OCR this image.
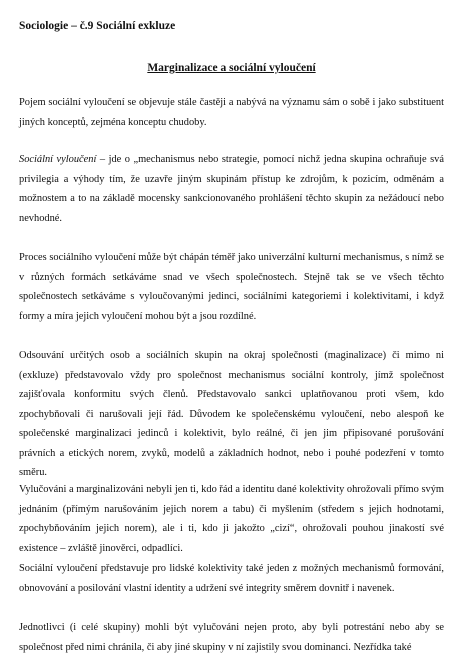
Sociologie – č.9 Sociální exkluze
Marginalizace a sociální vyloučení

Pojem sociální vyloučení se objevuje stále častěji a nabývá na významu sám o sobě i jako substituent jiných konceptů, zejména konceptu chudoby.

Sociální vyloučení – jde o „mechanismus nebo strategie, pomocí nichž jedna skupina ochraňuje svá privilegia a výhody tím, že uzavře jiným skupinám přístup ke zdrojům, k pozicím, odměnám a možnostem a to na základě mocensky sankcionovaného prohlášení těchto skupin za nežádoucí nebo nevhodné.

Proces sociálního vyloučení může být chápán téměř jako univerzální kulturní mechanismus, s nímž se v různých formách setkáváme snad ve všech společnostech. Stejně tak se ve všech těchto společnostech setkáváme s vyloučovanými jedinci, sociálními kategoriemi i kolektivitami, i když formy a míra jejich vyloučení mohou být a jsou rozdílné.

Odsouvání určitých osob a sociálních skupin na okraj společnosti (maginalizace) či mimo ni (exkluze) představovalo vždy pro společnost mechanismus sociální kontroly, jímž společnost zajišťovala konformitu svých členů. Představovalo sankci uplatňovanou proti všem, kdo zpochybňovali či narušovali její řád. Důvodem ke společenskému vyloučení, nebo alespoň ke společenské marginalizaci jedinců i kolektivit, bylo reálné, či jen jim připisované porušování právních a etických norem, zvyků, modelů a základních hodnot, nebo i pouhé podezření v tomto směru.

Vylučováni a marginalizováni nebyli jen ti, kdo řád a identitu dané kolektivity ohrožovali přímo svým jednáním (přímým narušováním jejich norem a tabu) či myšlením (středem s jejich hodnotami, zpochybňováním jejich norem), ale i ti, kdo ji jakožto „cizí“, ohrožovali pouhou jinakostí své existence – zvláště jinověrci, odpadlíci.

Sociální vyloučení představuje pro lidské kolektivity také jeden z možných mechanismů formování, obnovování a posilování vlastní identity a udržení své integrity směrem dovnitř i navenek.

Jednotlivci (i celé skupiny) mohli být vylučováni nejen proto, aby byli potrestání nebo aby se společnost před nimi chránila, či aby jiné skupiny v ní zajistily svou dominanci. Nezřídka také
